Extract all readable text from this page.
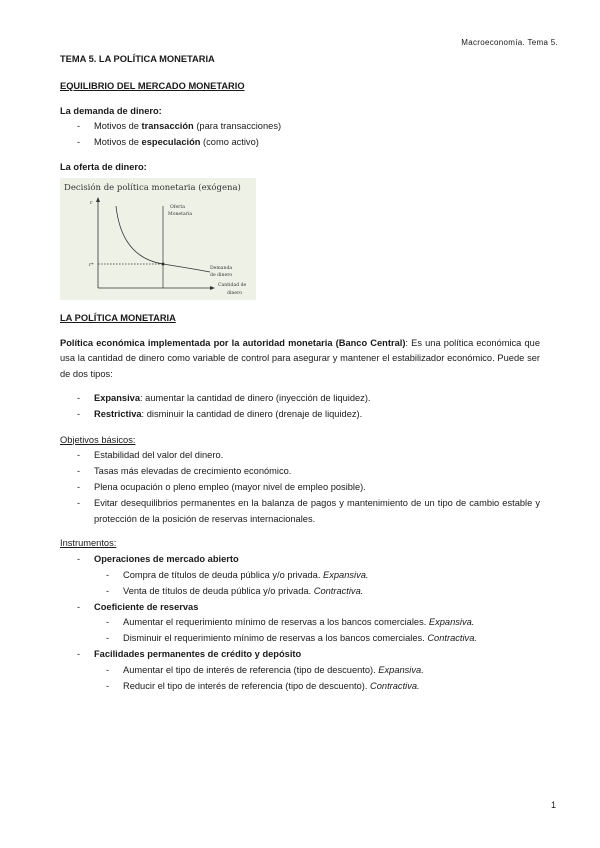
Macroeconomía. Tema 5.
TEMA 5. LA POLÍTICA MONETARIA
EQUILIBRIO DEL MERCADO MONETARIO
La demanda de dinero:
- Motivos de transacción (para transacciones)
- Motivos de especulación (como activo)
La oferta de dinero:
Decisión de política monetaria (exógena)
r
Oferta
Monetaria
r*
Demanda
de dinero
Cantidad de
dinero
LA POLÍTICA MONETARIA
Política económica implementada por la autoridad monetaria (Banco Central): Es una política económica que usa la cantidad de dinero como variable de control para asegurar y mantener el estabilizador económico. Puede ser de dos tipos:
- Expansiva: aumentar la cantidad de dinero (inyección de liquidez).
- Restrictiva: disminuir la cantidad de dinero (drenaje de liquidez).
Objetivos básicos:
- Estabilidad del valor del dinero.
- Tasas más elevadas de crecimiento económico.
- Plena ocupación o pleno empleo (mayor nivel de empleo posible).
- Evitar desequilibrios permanentes en la balanza de pagos y mantenimiento de un tipo de cambio estable y protección de la posición de reservas internacionales.
Instrumentos:
- Operaciones de mercado abierto
- Compra de títulos de deuda pública y/o privada. Expansiva.
- Venta de títulos de deuda pública y/o privada. Contractiva.
- Coeficiente de reservas
- Aumentar el requerimiento mínimo de reservas a los bancos comerciales. Expansiva.
- Disminuir el requerimiento mínimo de reservas a los bancos comerciales. Contractiva.
- Facilidades permanentes de crédito y depósito
- Aumentar el tipo de interés de referencia (tipo de descuento). Expansiva.
- Reducir el tipo de interés de referencia (tipo de descuento). Contractiva.
1
